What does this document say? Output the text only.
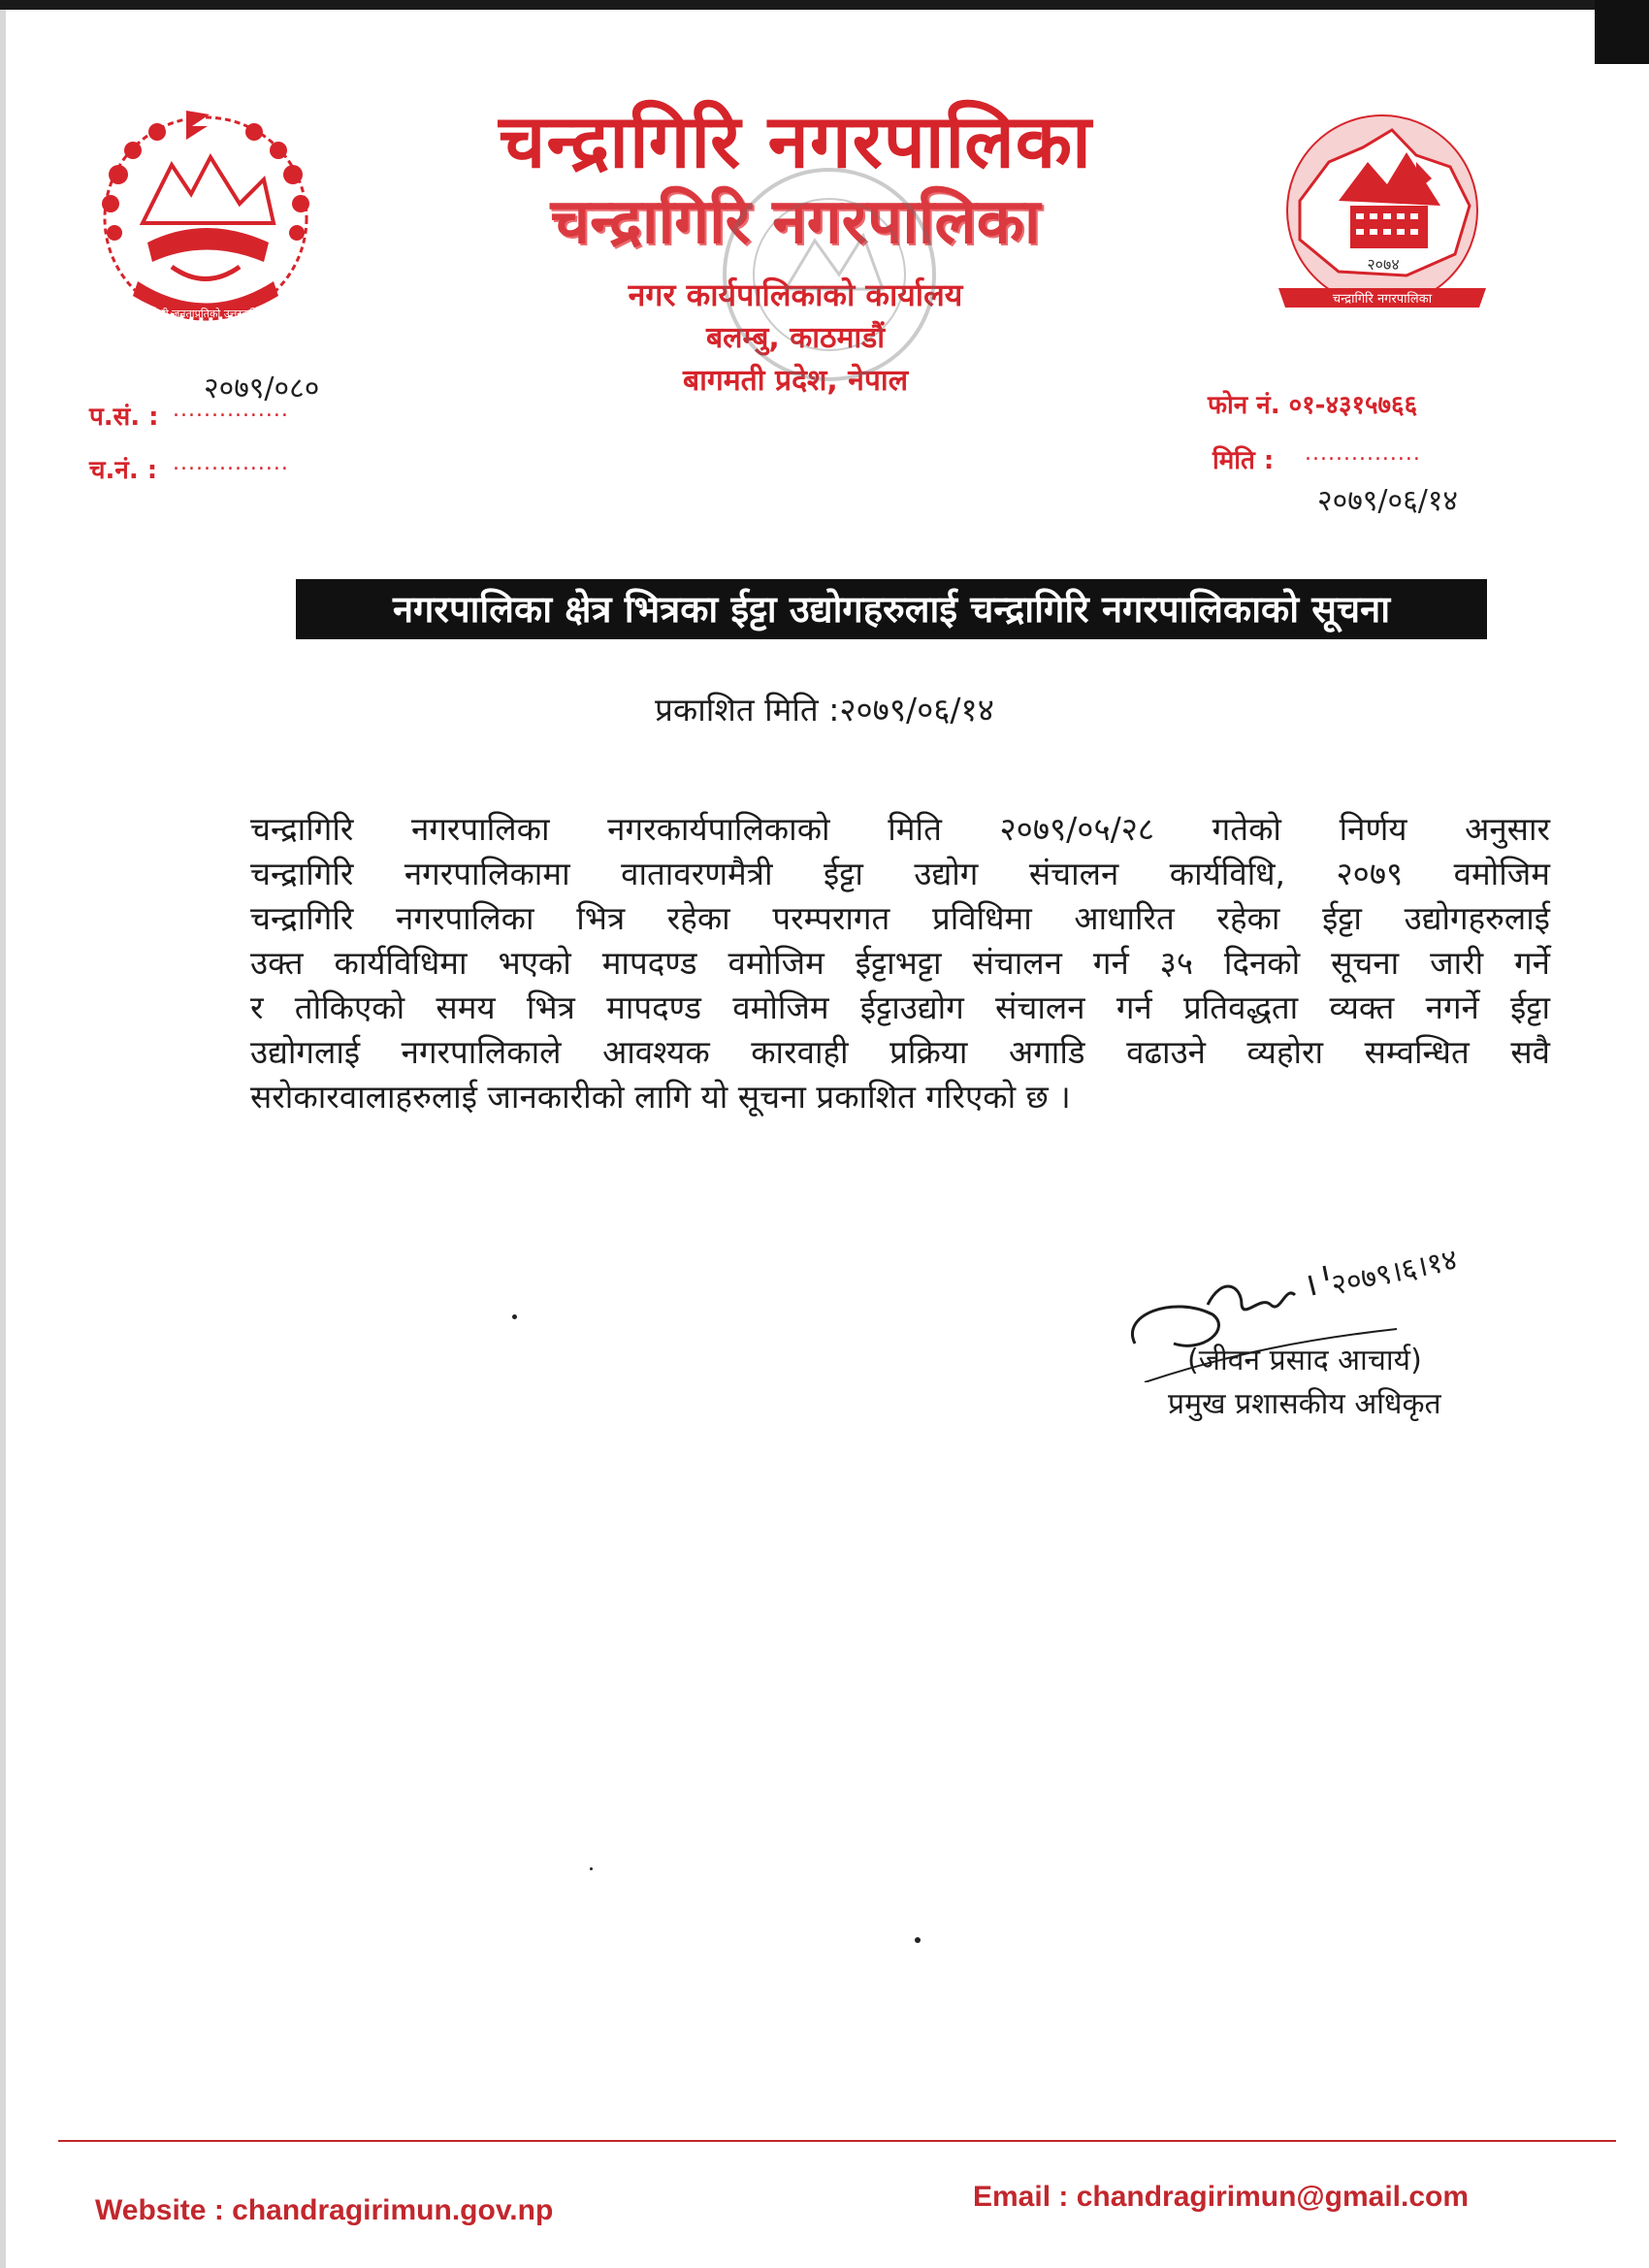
नेपाली जनताप्रतिको उत्तरदायित्व
चन्द्रागिरि नगरपालिका
चन्द्रागिरि नगरपालिका
नगर कार्यपालिकाको कार्यालय
बलम्बु, काठमाडौं
बागमती प्रदेश, नेपाल
२०७४
चन्द्रागिरि नगरपालिका
प.सं. : ...............
२०७९/०८०
च.नं. : ...............
फोन नं. ०१-४३१५७६६
मिति : ...............
२०७९/०६/१४
नगरपालिका क्षेत्र भित्रका ईट्टा उद्योगहरुलाई चन्द्रागिरि नगरपालिकाको सूचना
प्रकाशित मिति :२०७९/०६/१४
चन्द्रागिरि नगरपालिका नगरकार्यपालिकाको मिति २०७९/०५/२८ गतेको निर्णय अनुसार
चन्द्रागिरि नगरपालिकामा वातावरणमैत्री ईट्टा उद्योग संचालन कार्यविधि, २०७९ वमोजिम
चन्द्रागिरि नगरपालिका भित्र रहेका परम्परागत प्रविधिमा आधारित रहेका ईट्टा उद्योगहरुलाई
उक्त कार्यविधिमा भएको मापदण्ड वमोजिम ईट्टाभट्टा संचालन गर्न ३५ दिनको सूचना जारी गर्ने
र तोकिएको समय भित्र मापदण्ड वमोजिम ईट्टाउद्योग संचालन गर्न प्रतिवद्धता व्यक्त नगर्ने ईट्टा
उद्योगलाई नगरपालिकाले आवश्यक कारवाही प्रक्रिया अगाडि वढाउने व्यहोरा सम्वन्धित सवै
सरोकारवालाहरुलाई जानकारीको लागि यो सूचना प्रकाशित गरिएको छ ।
२०७९।६।१४
(जीवन प्रसाद आचार्य)
प्रमुख प्रशासकीय अधिकृत
Website : chandragirimun.gov.np	Email : chandragirimun@gmail.com
